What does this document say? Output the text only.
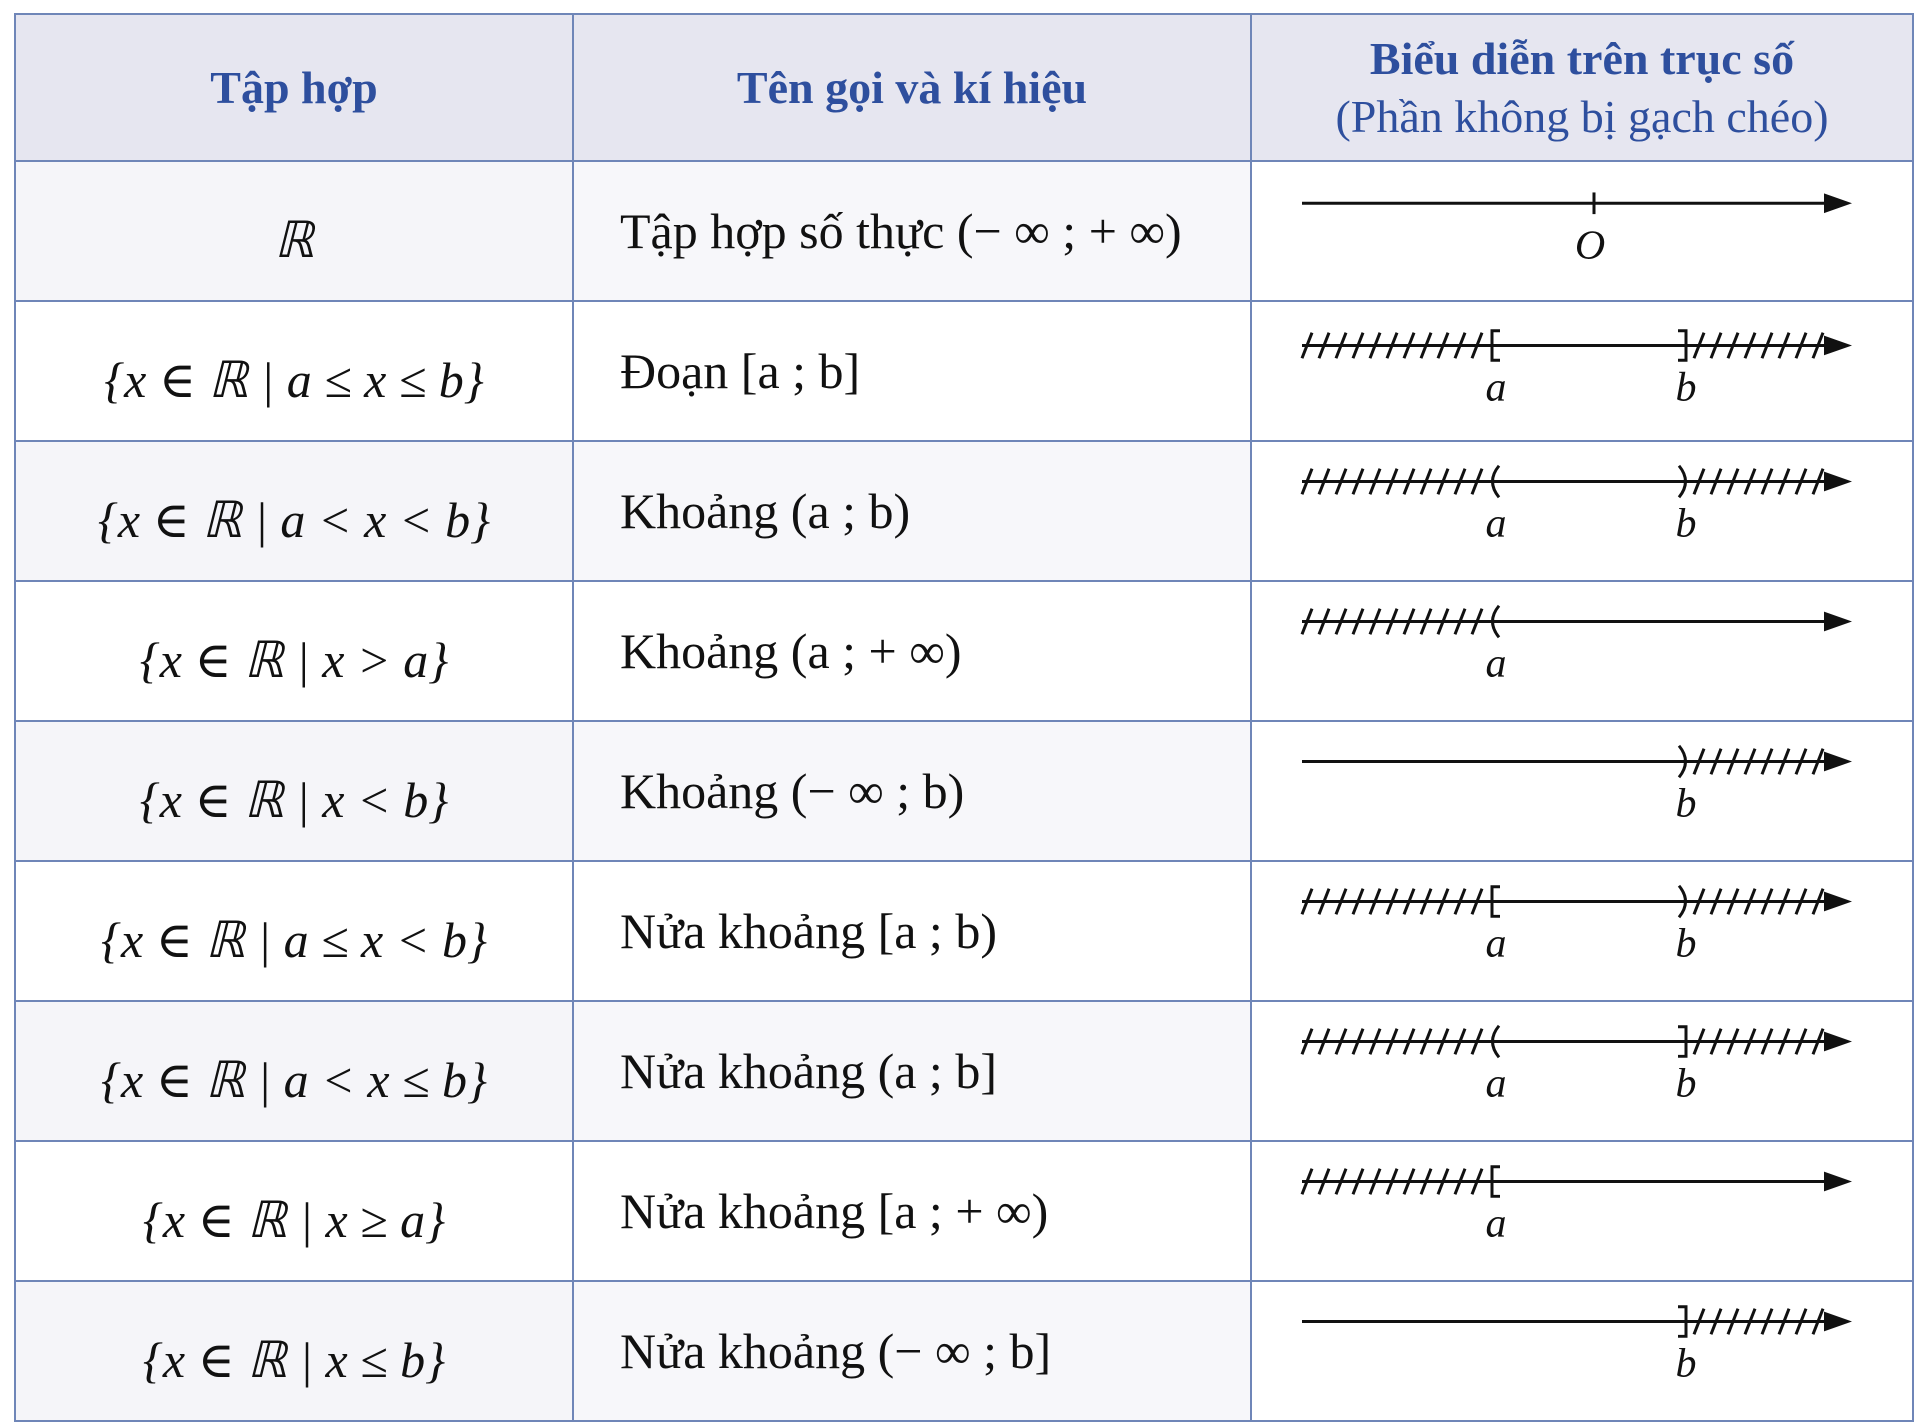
Tập hợp	Tên gọi và kí hiệu	Biểu diễn trên trục số
(Phần không bị gạch chéo)

ℝ	Tập hợp số thực (− ∞ ; + ∞)	O

{x ∈ ℝ | a ≤ x ≤ b}	Đoạn [a ; b]	a b

{x ∈ ℝ | a < x < b}	Khoảng (a ; b)	a b

{x ∈ ℝ | x > a}	Khoảng (a ; + ∞)	a

{x ∈ ℝ | x < b}	Khoảng (− ∞ ; b)	b

{x ∈ ℝ | a ≤ x < b}	Nửa khoảng [a ; b)	a b

{x ∈ ℝ | a < x ≤ b}	Nửa khoảng (a ; b]	a b

{x ∈ ℝ | x ≥ a}	Nửa khoảng [a ; + ∞)	a

{x ∈ ℝ | x ≤ b}	Nửa khoảng (− ∞ ; b]	b
